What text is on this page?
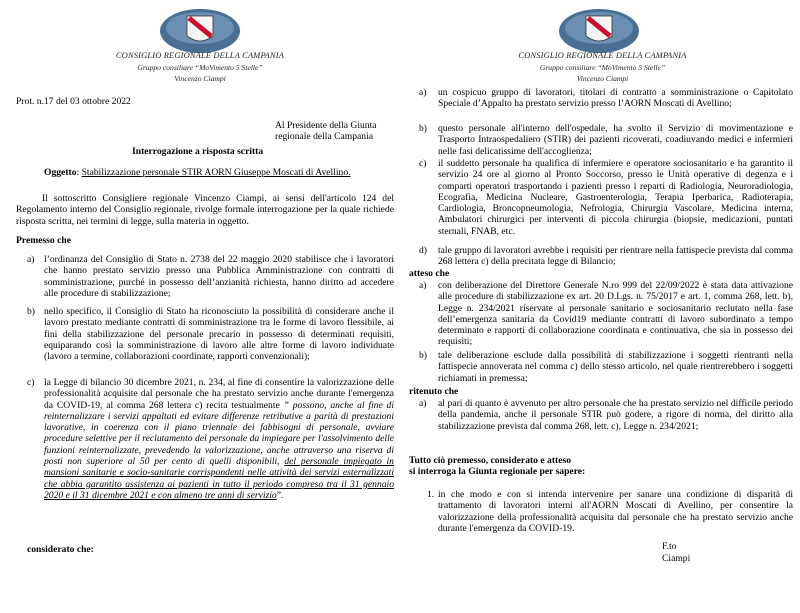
CONSIGLIO REGIONALE DELLA CAMPANIA
Gruppo consiliare “MoVimento 5 Stelle”
Vincenzo Ciampi
Prot. n.17 del 03 ottobre 2022
Al Presidente della Giunta
regionale della Campania
Interrogazione a risposta scritta
Oggetto: Stabilizzazione personale STIR AORN Giuseppe Moscati di Avellino.
Il sottoscritto Consigliere regionale Vincenzo Ciampi, ai sensi dell'articolo 124 del Regolamento interno del Consiglio regionale, rivolge formale interrogazione per la quale richiede risposta scritta, nei termini di legge, sulla materia in oggetto.
Premesso che
a) l’ordinanza del Consiglio di Stato n. 2738 del 22 maggio 2020 stabilisce che i lavoratori che hanno prestato servizio presso una Pubblica Amministrazione con contratti di somministrazione, purché in possesso dell’anzianità richiesta, hanno diritto ad accedere alle procedure di stabilizzazione;
b) nello specifico, il Consiglio di Stato ha riconosciuto la possibilità di considerare anche il lavoro prestato mediante contratti di somministrazione tra le forme di lavoro flessibile, ai fini della stabilizzazione del personale precario in possesso di determinati requisiti, equiparando così la somministrazione di lavoro alle altre forme di lavoro individuate (lavoro a termine, collaborazioni coordinate, rapporti convenzionali);
c) la Legge di bilancio 30 dicembre 2021, n. 234, al fine di consentire la valorizzazione delle professionalità acquisite dal personale che ha prestato servizio anche durante l'emergenza da COVID-19, al comma 268 lettera c) recita testualmente ” possono, anche al fine di reinternalizzare i servizi appaltati ed evitare differenze retributive a parità di prestazioni lavorative, in coerenza con il piano triennale dei fabbisogni di personale, avviare procedure selettive per il reclutamento del personale da impiegare per l'assolvimento delle funzioni reinternalizzate, prevedendo la valorizzazione, anche attraverso una riserva di posti non superiore al 50 per cento di quelli disponibili, del personale impiegato in mansioni sanitarie e socio-sanitarie corrispondenti nelle attività dei servizi esternalizzati che abbia garantito assistenza ai pazienti in tutto il periodo compreso tra il 31 gennaio 2020 e il 31 dicembre 2021 e con almeno tre anni di servizio”.
considerato che:
CONSIGLIO REGIONALE DELLA CAMPANIA
Gruppo consiliare “MoVimento 5 Stelle”
Vincenzo Ciampi
a) un cospicuo gruppo di lavoratori, titolari di contratto a somministrazione o Capitolato Speciale d’Appalto ha prestato servizio presso l’AORN Moscati di Avellino;
b) questo personale all'interno dell'ospedale, ha svolto il Servizio di movimentazione e Trasporto Intraospedaliero (STIR) dei pazienti ricoverati, coadiuvando medici e infermieri nelle fasi delicatissime dell'accoglienza;
c) il suddetto personale ha qualifica di infermiere e operatore sociosanitario e ha garantito il servizio 24 ore al giorno al Pronto Soccorso, presso le Unità operative di degenza e i comparti operatori trasportando i pazienti presso i reparti di Radiologia, Neuroradiologia, Ecografia, Medicina Nucleare, Gastroenterologia, Terapia Iperbarica, Radioterapia, Cardiologia, Broncopneumologia, Nefrologia, Chirurgia Vascolare, Medicina interna, Ambulatori chirurgici per interventi di piccola chirurgia (biopsie, medicazioni, puntati sternali, FNAB, etc.
d) tale gruppo di lavoratori avrebbe i requisiti per rientrare nella fattispecie prevista dal comma 268 lettera c) della precitata legge di Bilancio;
atteso che
a) con deliberazione del Direttore Generale N.ro 999 del 22/09/2022 è stata data attivazione alle procedure di stabilizzazione ex art. 20 D.Lgs. n. 75/2017 e art. 1, comma 268, lett. b), Legge n. 234/2021 riservate al personale sanitario e sociosanitario reclutato nella fase dell’emergenza sanitaria da Covid19 mediante contratti di lavoro subordinato a tempo determinato e rapporti di collaborazione coordinata e continuativa, che sia in possesso dei requisiti;
b) tale deliberazione esclude dalla possibilità di stabilizzazione i soggetti rientranti nella fattispecie annoverata nel comma c) dello stesso articolo, nel quale rientrerebbero i soggetti richiamati in premessa;
ritenuto che
a) al pari di quanto è avvenuto per altro personale che ha prestato servizio nel difficile periodo della pandemia, anche il personale STIR può godere, a rigore di norma, del diritto alla stabilizzazione prevista dal comma 268, lett. c), Legge n. 234/2021;
Tutto ciò premesso, considerato e atteso
si interroga la Giunta regionale per sapere:
1. in che modo e con si intenda intervenire per sanare una condizione di disparità di trattamento di lavoratori interni all'AORN Moscati di Avellino, per consentire la valorizzazione della professionalità acquisita dal personale che ha prestato servizio anche durante l'emergenza da COVID-19.
F.to
Ciampi
